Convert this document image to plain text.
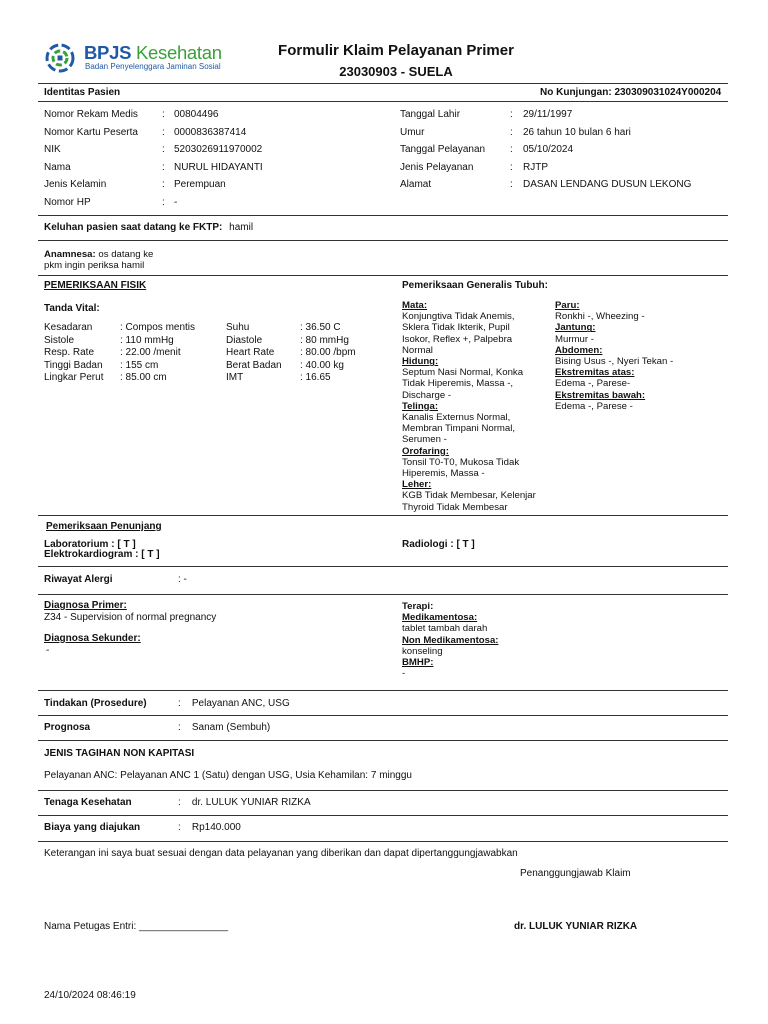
BPJS Kesehatan
Badan Penyelenggara Jaminan Sosial
Formulir Klaim Pelayanan Primer
23030903 - SUELA
Identitas Pasien	No Kunjungan: 230309031024Y000204
Nomor Rekam Medis : 00804496
Nomor Kartu Peserta : 0000836387414
NIK	: 5203026911970002
Nama	: NURUL HIDAYANTI
Jenis Kelamin	: Perempuan
Nomor HP	: -
Tanggal Lahir	: 29/11/1997
Umur	: 26 tahun 10 bulan 6 hari
Tanggal Pelayanan : 05/10/2024
Jenis Pelayanan	: RJTP
Alamat	: DASAN LENDANG DUSUN LEKONG
Keluhan pasien saat datang ke FKTP: hamil
Anamnesa: os datang ke
pkm ingin periksa hamil
PEMERIKSAAN FISIK	Pemeriksaan Generalis Tubuh:
Tanda Vital:
Kesadaran	: Compos mentis
Sistole	: 110 mmHg
Resp. Rate	: 22.00 /menit
Tinggi Badan : 155 cm
Lingkar Perut : 85.00 cm
Suhu	: 36.50 C
Diastole	: 80 mmHg
Heart Rate	: 80.00 /bpm
Berat Badan : 40.00 kg
IMT	: 16.65
Mata:
Konjungtiva Tidak Anemis,
Sklera Tidak Ikterik, Pupil
Isokor, Reflex +, Palpebra
Normal
Hidung:
Septum Nasi Normal, Konka
Tidak Hiperemis, Massa -,
Discharge -
Telinga:
Kanalis Externus Normal,
Membran Timpani Normal,
Serumen -
Orofaring:
Tonsil T0-T0, Mukosa Tidak
Hiperemis, Massa -
Leher:
KGB Tidak Membesar, Kelenjar
Thyroid Tidak Membesar
Paru:
Ronkhi -, Wheezing -
Jantung:
Murmur -
Abdomen:
Bising Usus -, Nyeri Tekan -
Ekstremitas atas:
Edema -, Parese-
Ekstremitas bawah:
Edema -, Parese -
Pemeriksaan Penunjang
Laboratorium : [ T ]
Elektrokardiogram : [ T ]
Radiologi : [ T ]
Riwayat Alergi	: -
Diagnosa Primer:
Z34 - Supervision of normal pregnancy
Diagnosa Sekunder:
-
Terapi:
Medikamentosa:
tablet tambah darah
Non Medikamentosa:
konseling
BMHP:
-
Tindakan (Prosedure)	:    Pelayanan ANC, USG
Prognosa	:    Sanam (Sembuh)
JENIS TAGIHAN NON KAPITASI
Pelayanan ANC: Pelayanan ANC 1 (Satu) dengan USG, Usia Kehamilan: 7 minggu
Tenaga Kesehatan	:    dr. LULUK YUNIAR RIZKA
Biaya yang diajukan	:    Rp140.000
Keterangan ini saya buat sesuai dengan data pelayanan yang diberikan dan dapat dipertanggungjawabkan
Penanggungjawab Klaim
Nama Petugas Entri: ________________	dr. LULUK YUNIAR RIZKA
24/10/2024 08:46:19
